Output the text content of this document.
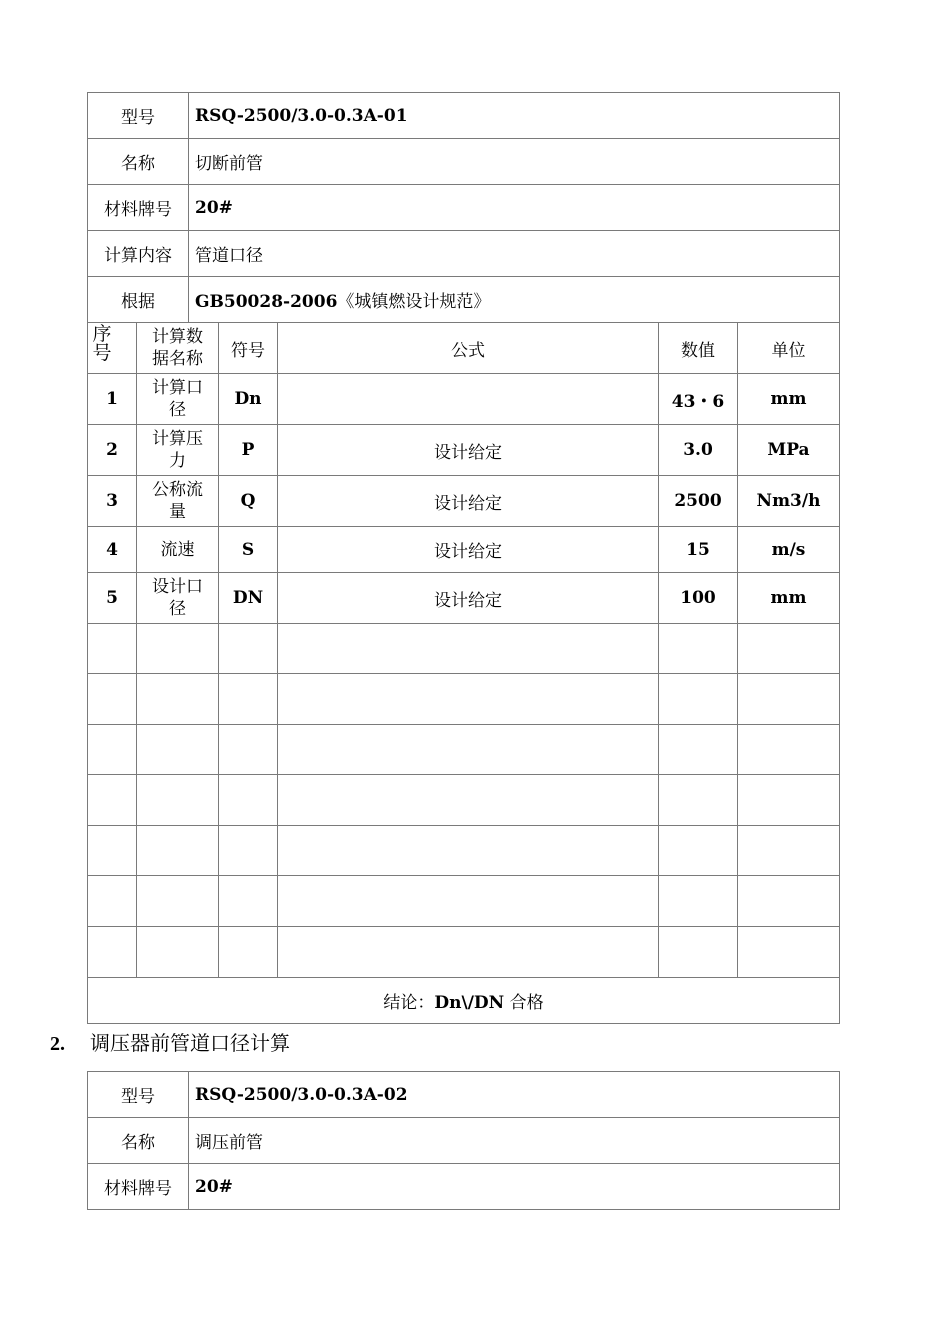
型号		RSQ-2500/3.0-0.3A-01				
名称		切断前管				
材料牌号		20#				
计算内容		管道口径				
根据		GB50028-2006《城镇燃设计规范》				
序号	计算数据名称		符号	公式	数值	单位
1	计算口径		Dn		43・6	mm
2	计算压力		P	设计给定	3.0	MPa
3	公称流量		Q	设计给定	2500	Nm3/h
4	流速		S	设计给定	15	m/s
5	设计口径		DN	设计给定	100	mm

结论：Dn\/DN 合格						
2. 调压器前管道口径计算
型号	RSQ-2500/3.0-0.3A-02
名称	调压前管
材料牌号	20#
